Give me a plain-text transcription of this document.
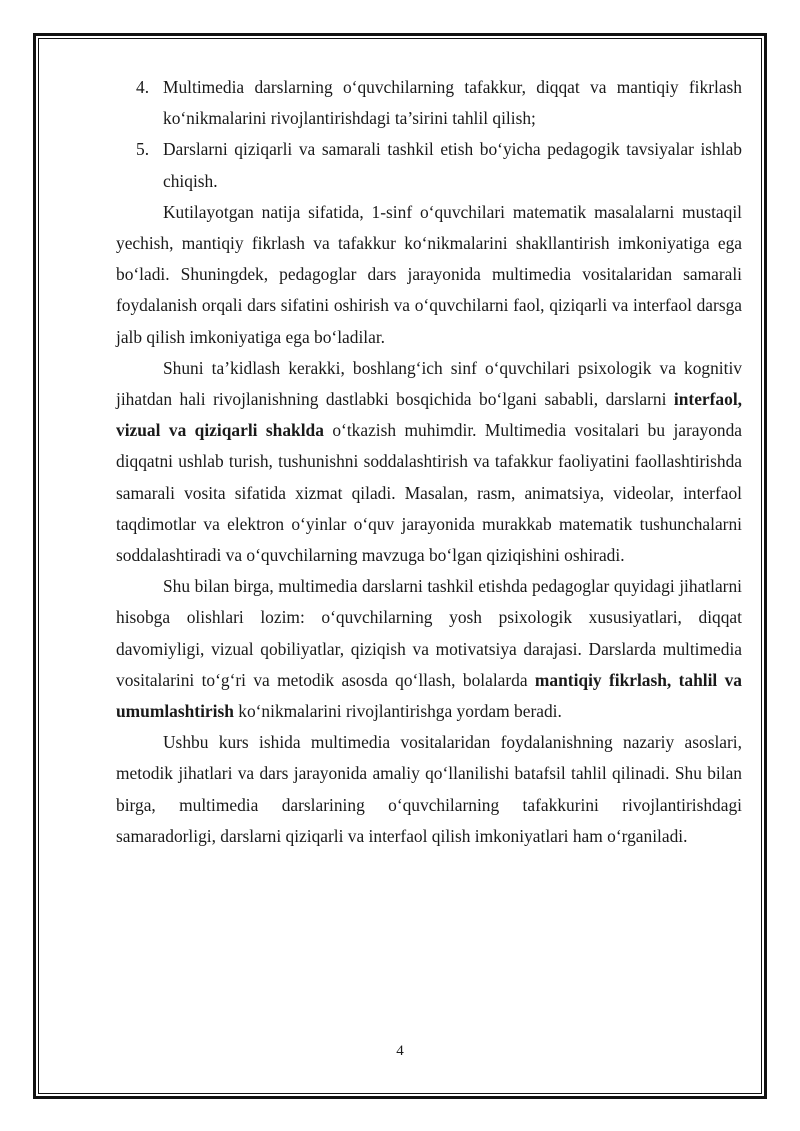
4. Multimedia darslarning o‘quvchilarning tafakkur, diqqat va mantiqiy fikrlash ko‘nikmalarini rivojlantirishdagi ta’sirini tahlil qilish;
5. Darslarni qiziqarli va samarali tashkil etish bo‘yicha pedagogik tavsiyalar ishlab chiqish.

Kutilayotgan natija sifatida, 1-sinf o‘quvchilari matematik masalalarni mustaqil yechish, mantiqiy fikrlash va tafakkur ko‘nikmalarini shakllantirish imkoniyatiga ega bo‘ladi. Shuningdek, pedagoglar dars jarayonida multimedia vositalaridan samarali foydalanish orqali dars sifatini oshirish va o‘quvchilarni faol, qiziqarli va interfaol darsga jalb qilish imkoniyatiga ega bo‘ladilar.

Shuni ta’kidlash kerakki, boshlang‘ich sinf o‘quvchilari psixologik va kognitiv jihatdan hali rivojlanishning dastlabki bosqichida bo‘lgani sababli, darslarni interfaol, vizual va qiziqarli shaklda o‘tkazish muhimdir. Multimedia vositalari bu jarayonda diqqatni ushlab turish, tushunishni soddalashtirish va tafakkur faoliyatini faollashtirishda samarali vosita sifatida xizmat qiladi. Masalan, rasm, animatsiya, videolar, interfaol taqdimotlar va elektron o‘yinlar o‘quv jarayonida murakkab matematik tushunchalarni soddalashtiradi va o‘quvchilarning mavzuga bo‘lgan qiziqishini oshiradi.

Shu bilan birga, multimedia darslarni tashkil etishda pedagoglar quyidagi jihatlarni hisobga olishlari lozim: o‘quvchilarning yosh psixologik xususiyatlari, diqqat davomiyligi, vizual qobiliyatlar, qiziqish va motivatsiya darajasi. Darslarda multimedia vositalarini to‘g‘ri va metodik asosda qo‘llash, bolalarda mantiqiy fikrlash, tahlil va umumlashtirish ko‘nikmalarini rivojlantirishga yordam beradi.

Ushbu kurs ishida multimedia vositalaridan foydalanishning nazariy asoslari, metodik jihatlari va dars jarayonida amaliy qo‘llanilishi batafsil tahlil qilinadi. Shu bilan birga, multimedia darslarining o‘quvchilarning tafakkurini rivojlantirishdagi samaradorligi, darslarni qiziqarli va interfaol qilish imkoniyatlari ham o‘rganiladi.

4
